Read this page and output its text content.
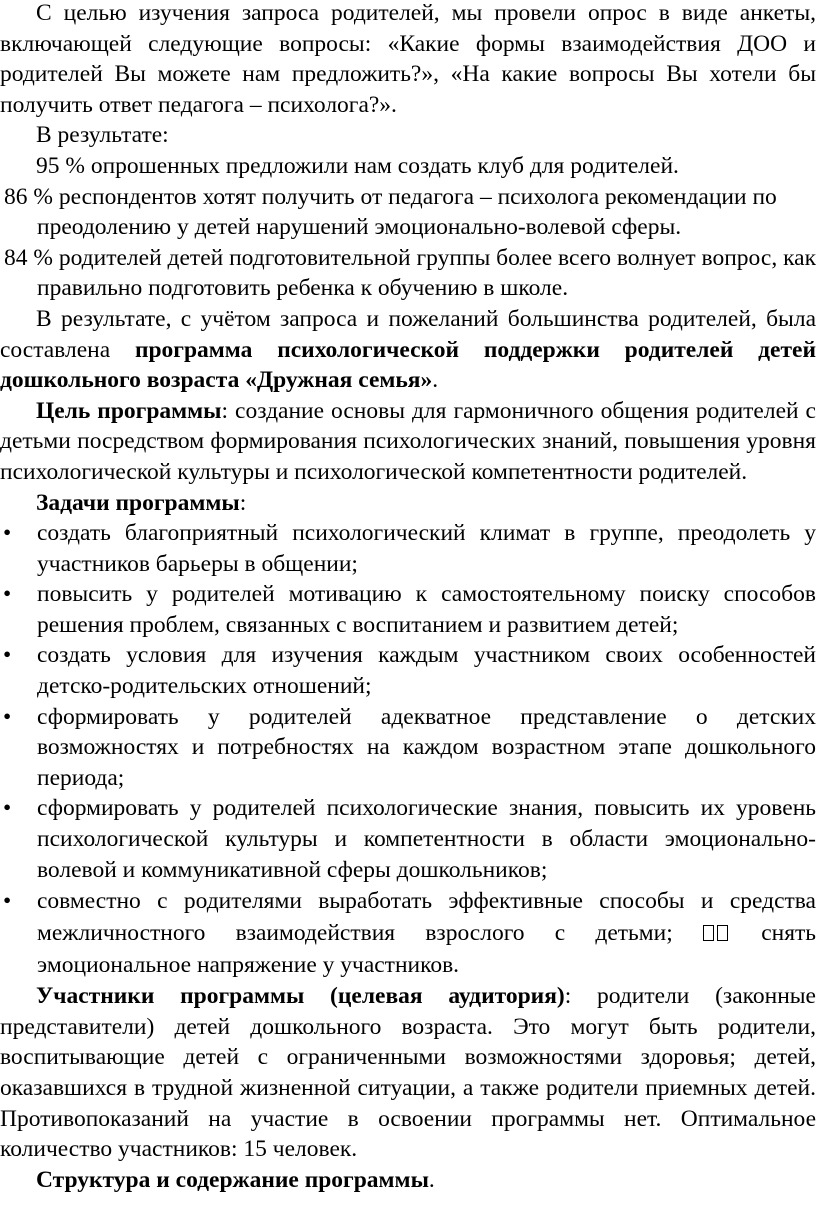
С целью изучения запроса родителей, мы провели опрос в виде анкеты, включающей следующие вопросы: «Какие формы взаимодействия ДОО и родителей Вы можете нам предложить?», «На какие вопросы Вы хотели бы получить ответ педагога – психолога?».

В результате:

95 % опрошенных предложили нам создать клуб для родителей.

86 % респондентов хотят получить от педагога – психолога рекомендации по преодолению у детей нарушений эмоционально-волевой сферы.

84 % родителей детей подготовительной группы более всего волнует вопрос, как правильно подготовить ребенка к обучению в школе.

В результате, с учётом запроса и пожеланий большинства родителей, была составлена программа психологической поддержки родителей детей дошкольного возраста «Дружная семья».

Цель программы: создание основы для гармоничного общения родителей с детьми посредством формирования психологических знаний, повышения уровня психологической культуры и психологической компетентности родителей.

Задачи программы:

• создать благоприятный психологический климат в группе, преодолеть у участников барьеры в общении;
• повысить у родителей мотивацию к самостоятельному поиску способов решения проблем, связанных с воспитанием и развитием детей;
• создать условия для изучения каждым участником своих особенностей детско-родительских отношений;
• сформировать у родителей адекватное представление о детских возможностях и потребностях на каждом возрастном этапе дошкольного периода;
• сформировать у родителей психологические знания, повысить их уровень психологической культуры и компетентности в области эмоционально-волевой и коммуникативной сферы дошкольников;
• совместно с родителями выработать эффективные способы и средства межличностного взаимодействия взрослого с детьми;	снять эмоциональное напряжение у участников.

Участники программы (целевая аудитория): родители (законные представители) детей дошкольного возраста. Это могут быть родители, воспитывающие детей с ограниченными возможностями здоровья; детей, оказавшихся в трудной жизненной ситуации, а также родители приемных детей. Противопоказаний на участие в освоении программы нет. Оптимальное количество участников: 15 человек.

Структура и содержание программы.
